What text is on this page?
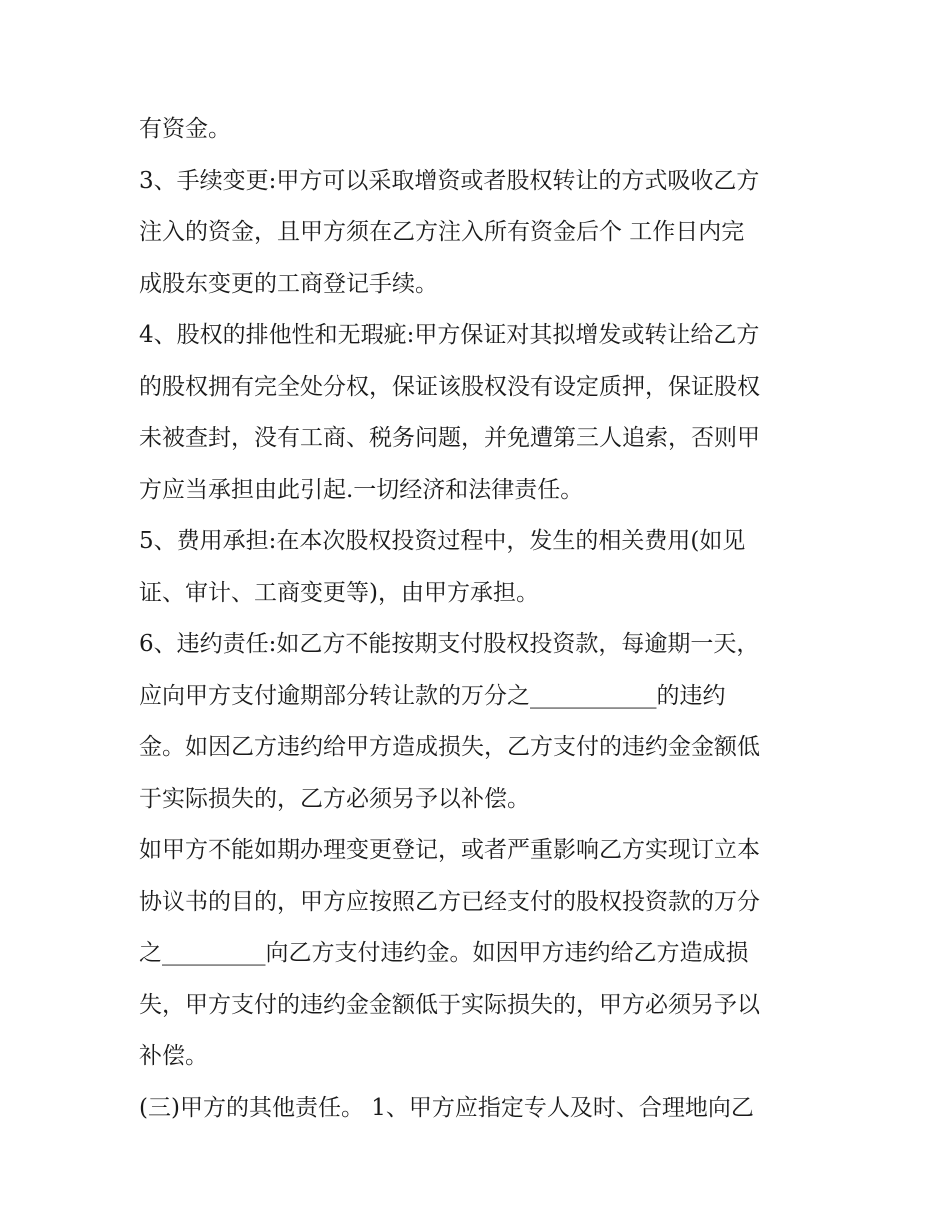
有资金。
3、手续变更:甲方可以采取增资或者股权转让的方式吸收乙方
注入的资金，且甲方须在乙方注入所有资金后个 工作日内完
成股东变更的工商登记手续。
4、股权的排他性和无瑕疵:甲方保证对其拟增发或转让给乙方
的股权拥有完全处分权，保证该股权没有设定质押，保证股权
未被查封，没有工商、税务问题，并免遭第三人追索，否则甲
方应当承担由此引起.一切经济和法律责任。
5、费用承担:在本次股权投资过程中，发生的相关费用(如见
证、审计、工商变更等)，由甲方承担。
6、违约责任:如乙方不能按期支付股权投资款，每逾期一天，
应向甲方支付逾期部分转让款的万分之___________的违约
金。如因乙方违约给甲方造成损失，乙方支付的违约金金额低
于实际损失的，乙方必须另予以补偿。
如甲方不能如期办理变更登记，或者严重影响乙方实现订立本
协议书的目的，甲方应按照乙方已经支付的股权投资款的万分
之_________向乙方支付违约金。如因甲方违约给乙方造成损
失，甲方支付的违约金金额低于实际损失的，甲方必须另予以
补偿。
(三)甲方的其他责任。 1、甲方应指定专人及时、合理地向乙
